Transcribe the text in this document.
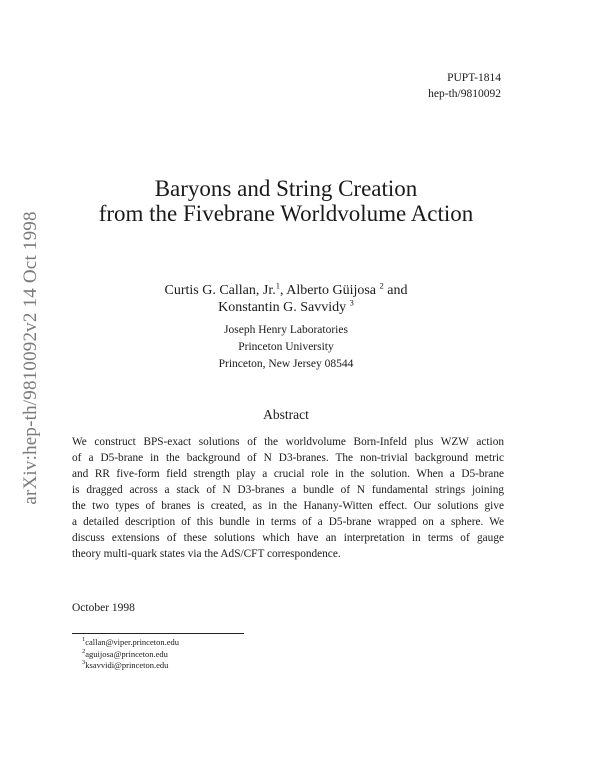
arXiv:hep-th/9810092v2 14 Oct 1998
PUPT-1814
hep-th/9810092
Baryons and String Creation
from the Fivebrane Worldvolume Action
Curtis G. Callan, Jr.$^1$, Alberto Güijosa $^2$ and
Konstantin G. Savvidy $^3$
Joseph Henry Laboratories
Princeton University
Princeton, New Jersey 08544
Abstract
We construct BPS-exact solutions of the worldvolume Born-Infeld plus WZW action
of a D5-brane in the background of N D3-branes. The non-trivial background metric
and RR five-form field strength play a crucial role in the solution. When a D5-brane
is dragged across a stack of N D3-branes a bundle of N fundamental strings joining
the two types of branes is created, as in the Hanany-Witten effect. Our solutions give
a detailed description of this bundle in terms of a D5-brane wrapped on a sphere. We
discuss extensions of these solutions which have an interpretation in terms of gauge
theory multi-quark states via the AdS/CFT correspondence.
October 1998
$^1$callan@viper.princeton.edu
$^2$aguijosa@princeton.edu
$^3$ksavvidi@princeton.edu
